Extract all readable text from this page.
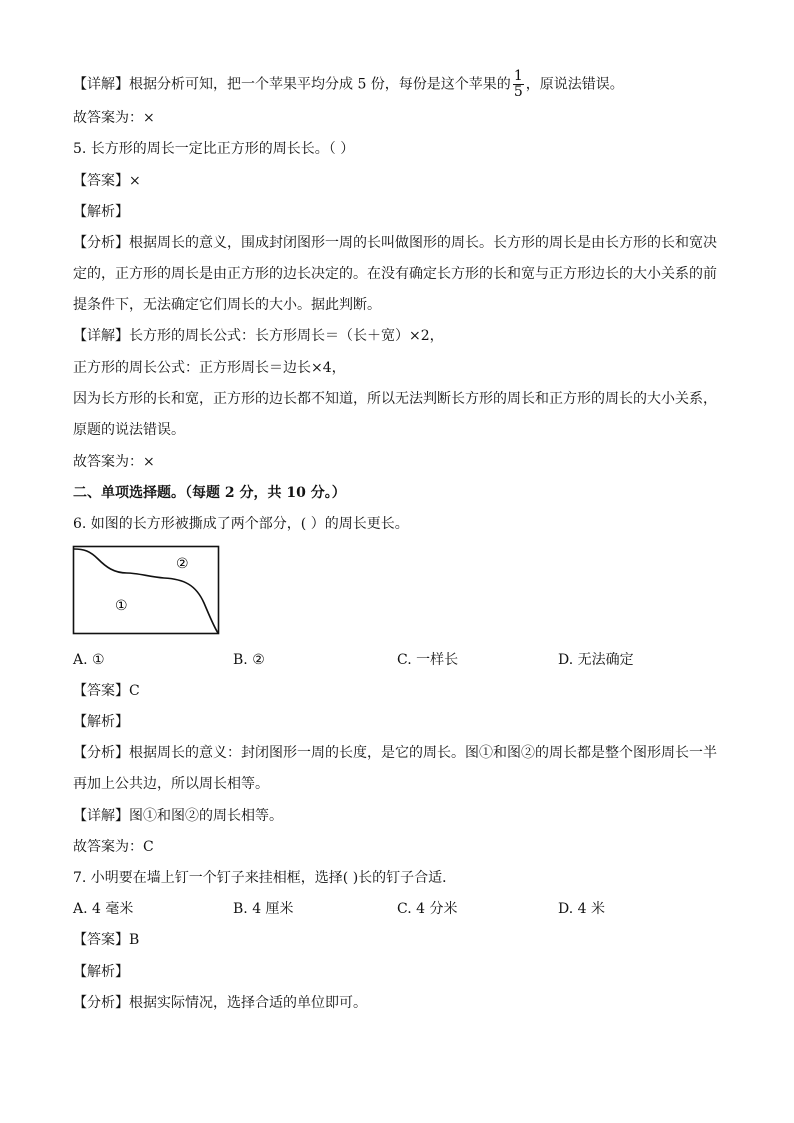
【详解】根据分析可知，把一个苹果平均分成 5 份，每份是这个苹果的 $\frac{1}{5}$ ，原说法错误。
故答案为：×
5. 长方形的周长一定比正方形的周长长。（ ）
【答案】×
【解析】
【分析】根据周长的意义，围成封闭图形一周的长叫做图形的周长。长方形的周长是由长方形的长和宽决
定的，正方形的周长是由正方形的边长决定的。在没有确定长方形的长和宽与正方形边长的大小关系的前
提条件下，无法确定它们周长的大小。据此判断。
【详解】长方形的周长公式：长方形周长＝（长＋宽）×2，
正方形的周长公式：正方形周长＝边长×4，
因为长方形的长和宽，正方形的边长都不知道，所以无法判断长方形的周长和正方形的周长的大小关系，
原题的说法错误。
故答案为：×
二、单项选择题。（每题 2 分，共 10 分。）
6. 如图的长方形被撕成了两个部分，( ）的周长更长。
②
①
A. ①	B. ②	C. 一样长	D. 无法确定
【答案】C
【解析】
【分析】根据周长的意义：封闭图形一周的长度，是它的周长。图①和图②的周长都是整个图形周长一半
再加上公共边，所以周长相等。
【详解】图①和图②的周长相等。
故答案为：C
7. 小明要在墙上钉一个钉子来挂相框，选择( )长的钉子合适．
A. 4 毫米	B. 4 厘米	C. 4 分米	D. 4 米
【答案】B
【解析】
【分析】根据实际情况，选择合适的单位即可。
